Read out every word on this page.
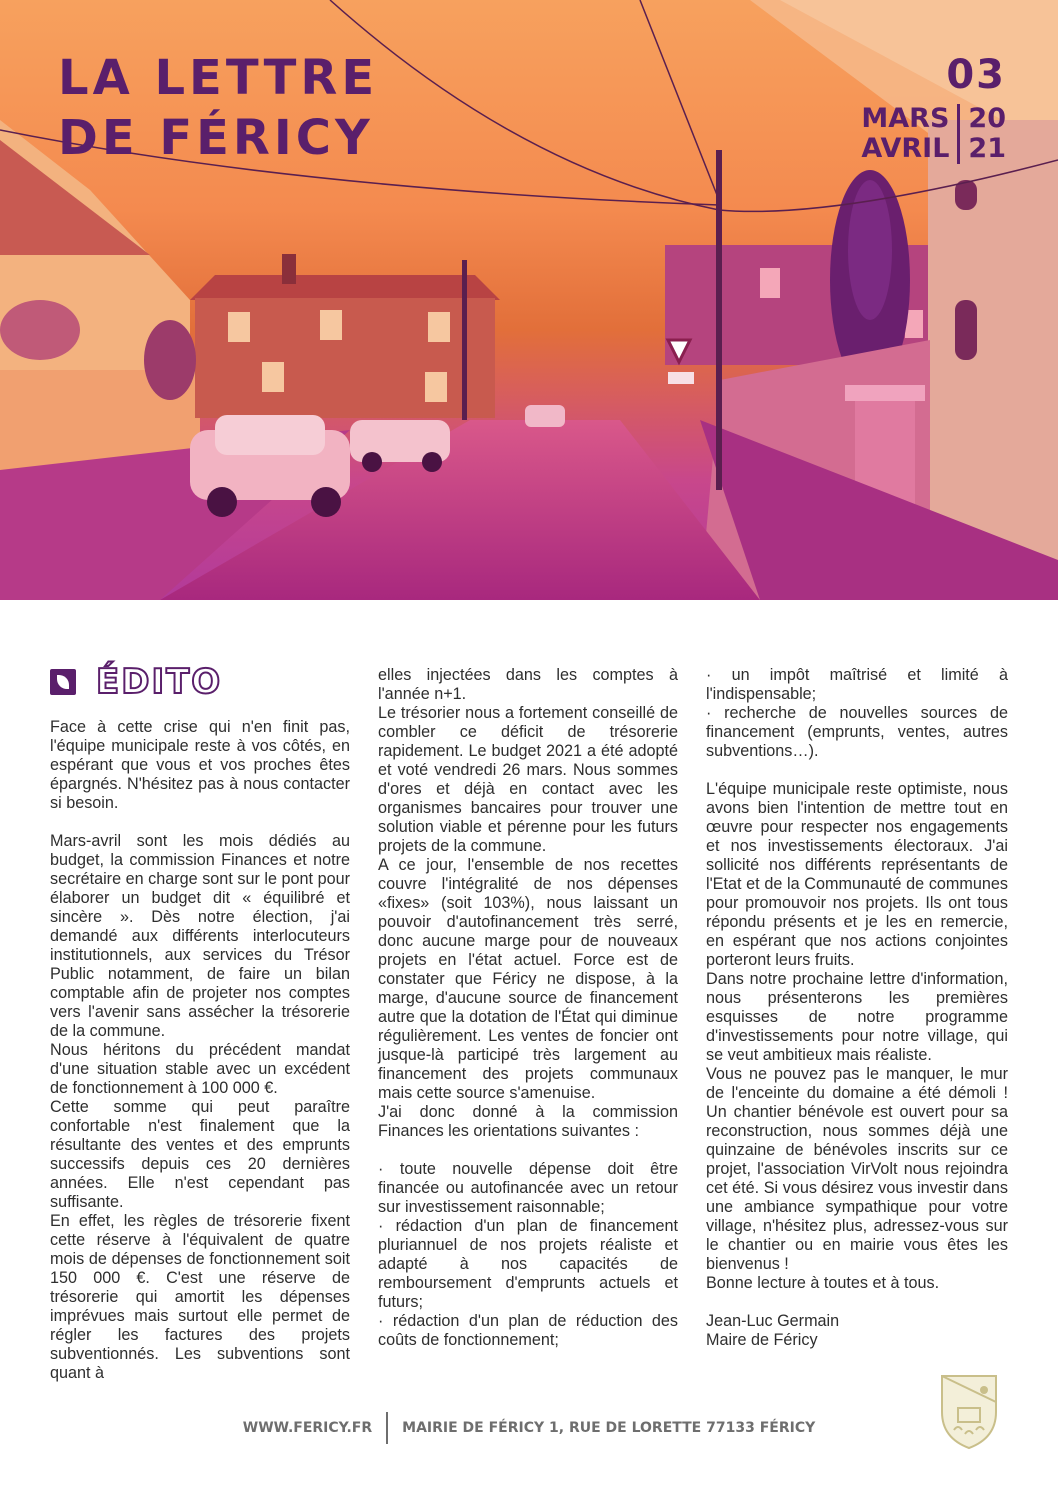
LA LETTRE
DE FÉRICY
03
MARS
AVRIL
20
21
ÉDITO

Face à cette crise qui n'en finit pas, l'équipe municipale reste à vos côtés, en espérant que vous et vos proches êtes épargnés. N'hésitez pas à nous contacter si besoin.

Mars-avril sont les mois dédiés au budget, la commission Finances et notre secrétaire en charge sont sur le pont pour élaborer un budget dit « équilibré et sincère ». Dès notre élection, j'ai demandé aux différents interlocuteurs institutionnels, aux services du Trésor Public notamment, de faire un bilan comptable afin de projeter nos comptes vers l'avenir sans assécher la trésorerie de la commune.

Nous héritons du précédent mandat d'une situation stable avec un excédent de fonctionnement à 100 000 €.

Cette somme qui peut paraître confortable n'est finalement que la résultante des ventes et des emprunts successifs depuis ces 20 dernières années. Elle n'est cependant pas suffisante.

En effet, les règles de trésorerie fixent cette réserve à l'équivalent de quatre mois de dépenses de fonctionnement soit 150 000 €. C'est une réserve de trésorerie qui amortit les dépenses imprévues mais surtout elle permet de régler les factures des projets subventionnés. Les subventions sont quant à

elles injectées dans les comptes à l'année n+1.

Le trésorier nous a fortement conseillé de combler ce déficit de trésorerie rapidement. Le budget 2021 a été adopté et voté vendredi 26 mars. Nous sommes d'ores et déjà en contact avec les organismes bancaires pour trouver une solution viable et pérenne pour les futurs projets de la commune.

A ce jour, l'ensemble de nos recettes couvre l'intégralité de nos dépenses «fixes» (soit 103%), nous laissant un pouvoir d'autofinancement très serré, donc aucune marge pour de nouveaux projets en l'état actuel. Force est de constater que Féricy ne dispose, à la marge, d'aucune source de financement autre que la dotation de l'État qui diminue régulièrement. Les ventes de foncier ont jusque-là participé très largement au financement des projets communaux mais cette source s'amenuise.

J'ai donc donné à la commission Finances les orientations suivantes :

· toute nouvelle dépense doit être financée ou autofinancée avec un retour sur investissement raisonnable;

· rédaction d'un plan de financement pluriannuel de nos projets réaliste et adapté à nos capacités de remboursement d'emprunts actuels et futurs;

· rédaction d'un plan de réduction des coûts de fonctionnement;

· un impôt maîtrisé et limité à l'indispensable;

· recherche de nouvelles sources de financement (emprunts, ventes, autres subventions…).

L'équipe municipale reste optimiste, nous avons bien l'intention de mettre tout en œuvre pour respecter nos engagements et nos investissements électoraux. J'ai sollicité nos différents représentants de l'Etat et de la Communauté de communes pour promouvoir nos projets. Ils ont tous répondu présents et je les en remercie, en espérant que nos actions conjointes porteront leurs fruits.

Dans notre prochaine lettre d'information, nous présenterons les premières esquisses de notre programme d'investissements pour notre village, qui se veut ambitieux mais réaliste.

Vous ne pouvez pas le manquer, le mur de l'enceinte du domaine a été démoli ! Un chantier bénévole est ouvert pour sa reconstruction, nous sommes déjà une quinzaine de bénévoles inscrits sur ce projet, l'association VirVolt nous rejoindra cet été. Si vous désirez vous investir dans une ambiance sympathique pour votre village, n'hésitez plus, adressez-vous sur le chantier ou en mairie vous êtes les bienvenus !

Bonne lecture à toutes et à tous.

Jean-Luc Germain

Maire de Féricy

WWW.FERICY.FR MAIRIE DE FÉRICY 1, RUE DE LORETTE 77133 FÉRICY
